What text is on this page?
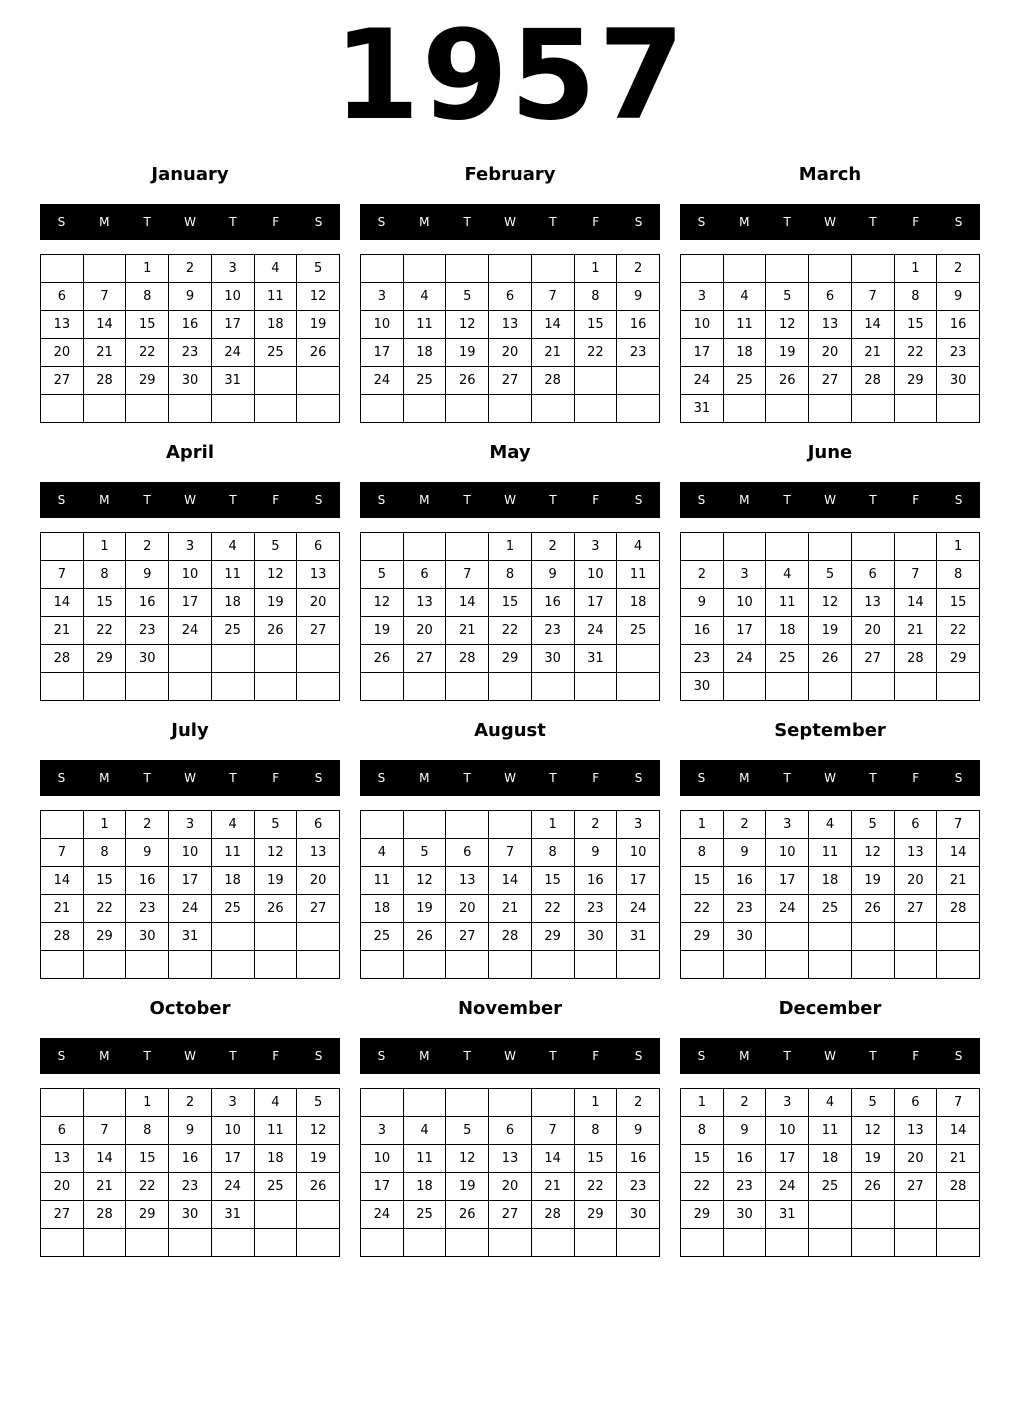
1957
January
S	M	T	W	T	F	S
		1	2	3	4	5
6	7	8	9	10	11	12
13	14	15	16	17	18	19
20	21	22	23	24	25	26
27	28	29	30	31		

February
S	M	T	W	T	F	S
					1	2
3	4	5	6	7	8	9
10	11	12	13	14	15	16
17	18	19	20	21	22	23
24	25	26	27	28		

March
S	M	T	W	T	F	S
					1	2
3	4	5	6	7	8	9
10	11	12	13	14	15	16
17	18	19	20	21	22	23
24	25	26	27	28	29	30
31						
April
S	M	T	W	T	F	S
	1	2	3	4	5	6
7	8	9	10	11	12	13
14	15	16	17	18	19	20
21	22	23	24	25	26	27
28	29	30				

May
S	M	T	W	T	F	S
			1	2	3	4
5	6	7	8	9	10	11
12	13	14	15	16	17	18
19	20	21	22	23	24	25
26	27	28	29	30	31	

June
S	M	T	W	T	F	S
						1
2	3	4	5	6	7	8
9	10	11	12	13	14	15
16	17	18	19	20	21	22
23	24	25	26	27	28	29
30						
July
S	M	T	W	T	F	S
	1	2	3	4	5	6
7	8	9	10	11	12	13
14	15	16	17	18	19	20
21	22	23	24	25	26	27
28	29	30	31			

August
S	M	T	W	T	F	S
				1	2	3
4	5	6	7	8	9	10
11	12	13	14	15	16	17
18	19	20	21	22	23	24
25	26	27	28	29	30	31

September
S	M	T	W	T	F	S
1	2	3	4	5	6	7
8	9	10	11	12	13	14
15	16	17	18	19	20	21
22	23	24	25	26	27	28
29	30					

October
S	M	T	W	T	F	S
		1	2	3	4	5
6	7	8	9	10	11	12
13	14	15	16	17	18	19
20	21	22	23	24	25	26
27	28	29	30	31		

November
S	M	T	W	T	F	S
					1	2
3	4	5	6	7	8	9
10	11	12	13	14	15	16
17	18	19	20	21	22	23
24	25	26	27	28	29	30

December
S	M	T	W	T	F	S
1	2	3	4	5	6	7
8	9	10	11	12	13	14
15	16	17	18	19	20	21
22	23	24	25	26	27	28
29	30	31				
